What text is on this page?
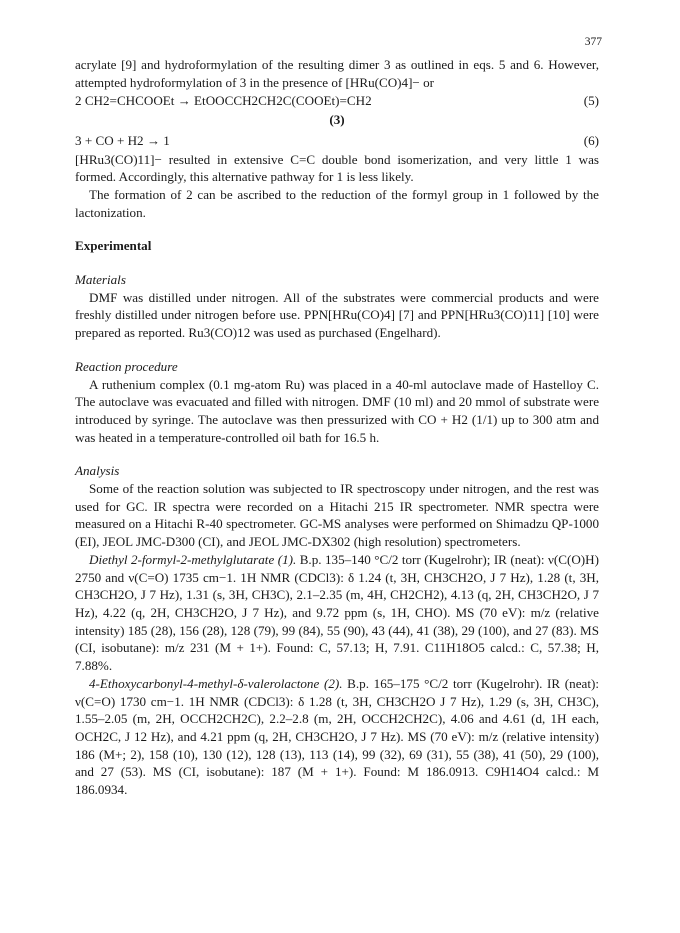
377

acrylate [9] and hydroformylation of the resulting dimer 3 as outlined in eqs. 5 and 6. However, attempted hydroformylation of 3 in the presence of [HRu(CO)4]− or

2 CH2=CHCOOEt → EtOOCCH2CH2C(COOEt)=CH2	(5)
(3)
3 + CO + H2 → 1	(6)

[HRu3(CO)11]− resulted in extensive C=C double bond isomerization, and very little 1 was formed. Accordingly, this alternative pathway for 1 is less likely.

The formation of 2 can be ascribed to the reduction of the formyl group in 1 followed by the lactonization.

Experimental

Materials

DMF was distilled under nitrogen. All of the substrates were commercial products and were freshly distilled under nitrogen before use. PPN[HRu(CO)4] [7] and PPN[HRu3(CO)11] [10] were prepared as reported. Ru3(CO)12 was used as purchased (Engelhard).

Reaction procedure

A ruthenium complex (0.1 mg-atom Ru) was placed in a 40-ml autoclave made of Hastelloy C. The autoclave was evacuated and filled with nitrogen. DMF (10 ml) and 20 mmol of substrate were introduced by syringe. The autoclave was then pressurized with CO + H2 (1/1) up to 300 atm and was heated in a temperature-controlled oil bath for 16.5 h.

Analysis

Some of the reaction solution was subjected to IR spectroscopy under nitrogen, and the rest was used for GC. IR spectra were recorded on a Hitachi 215 IR spectrometer. NMR spectra were measured on a Hitachi R-40 spectrometer. GC-MS analyses were performed on Shimadzu QP-1000 (EI), JEOL JMC-D300 (CI), and JEOL JMC-DX302 (high resolution) spectrometers.

Diethyl 2-formyl-2-methylglutarate (1). B.p. 135–140 °C/2 torr (Kugelrohr); IR (neat): ν(C(O)H) 2750 and ν(C=O) 1735 cm−1. 1H NMR (CDCl3): δ 1.24 (t, 3H, CH3CH2O, J 7 Hz), 1.28 (t, 3H, CH3CH2O, J 7 Hz), 1.31 (s, 3H, CH3C), 2.1–2.35 (m, 4H, CH2CH2), 4.13 (q, 2H, CH3CH2O, J 7 Hz), 4.22 (q, 2H, CH3CH2O, J 7 Hz), and 9.72 ppm (s, 1H, CHO). MS (70 eV): m/z (relative intensity) 185 (28), 156 (28), 128 (79), 99 (84), 55 (90), 43 (44), 41 (38), 29 (100), and 27 (83). MS (CI, isobutane): m/z 231 (M + 1+). Found: C, 57.13; H, 7.91. C11H18O5 calcd.: C, 57.38; H, 7.88%.

4-Ethoxycarbonyl-4-methyl-δ-valerolactone (2). B.p. 165–175 °C/2 torr (Kugelrohr). IR (neat): ν(C=O) 1730 cm−1. 1H NMR (CDCl3): δ 1.28 (t, 3H, CH3CH2O J 7 Hz), 1.29 (s, 3H, CH3C), 1.55–2.05 (m, 2H, OCCH2CH2C), 2.2–2.8 (m, 2H, OCCH2CH2C), 4.06 and 4.61 (d, 1H each, OCH2C, J 12 Hz), and 4.21 ppm (q, 2H, CH3CH2O, J 7 Hz). MS (70 eV): m/z (relative intensity) 186 (M+; 2), 158 (10), 130 (12), 128 (13), 113 (14), 99 (32), 69 (31), 55 (38), 41 (50), 29 (100), and 27 (53). MS (CI, isobutane): 187 (M + 1+). Found: M 186.0913. C9H14O4 calcd.: M 186.0934.
